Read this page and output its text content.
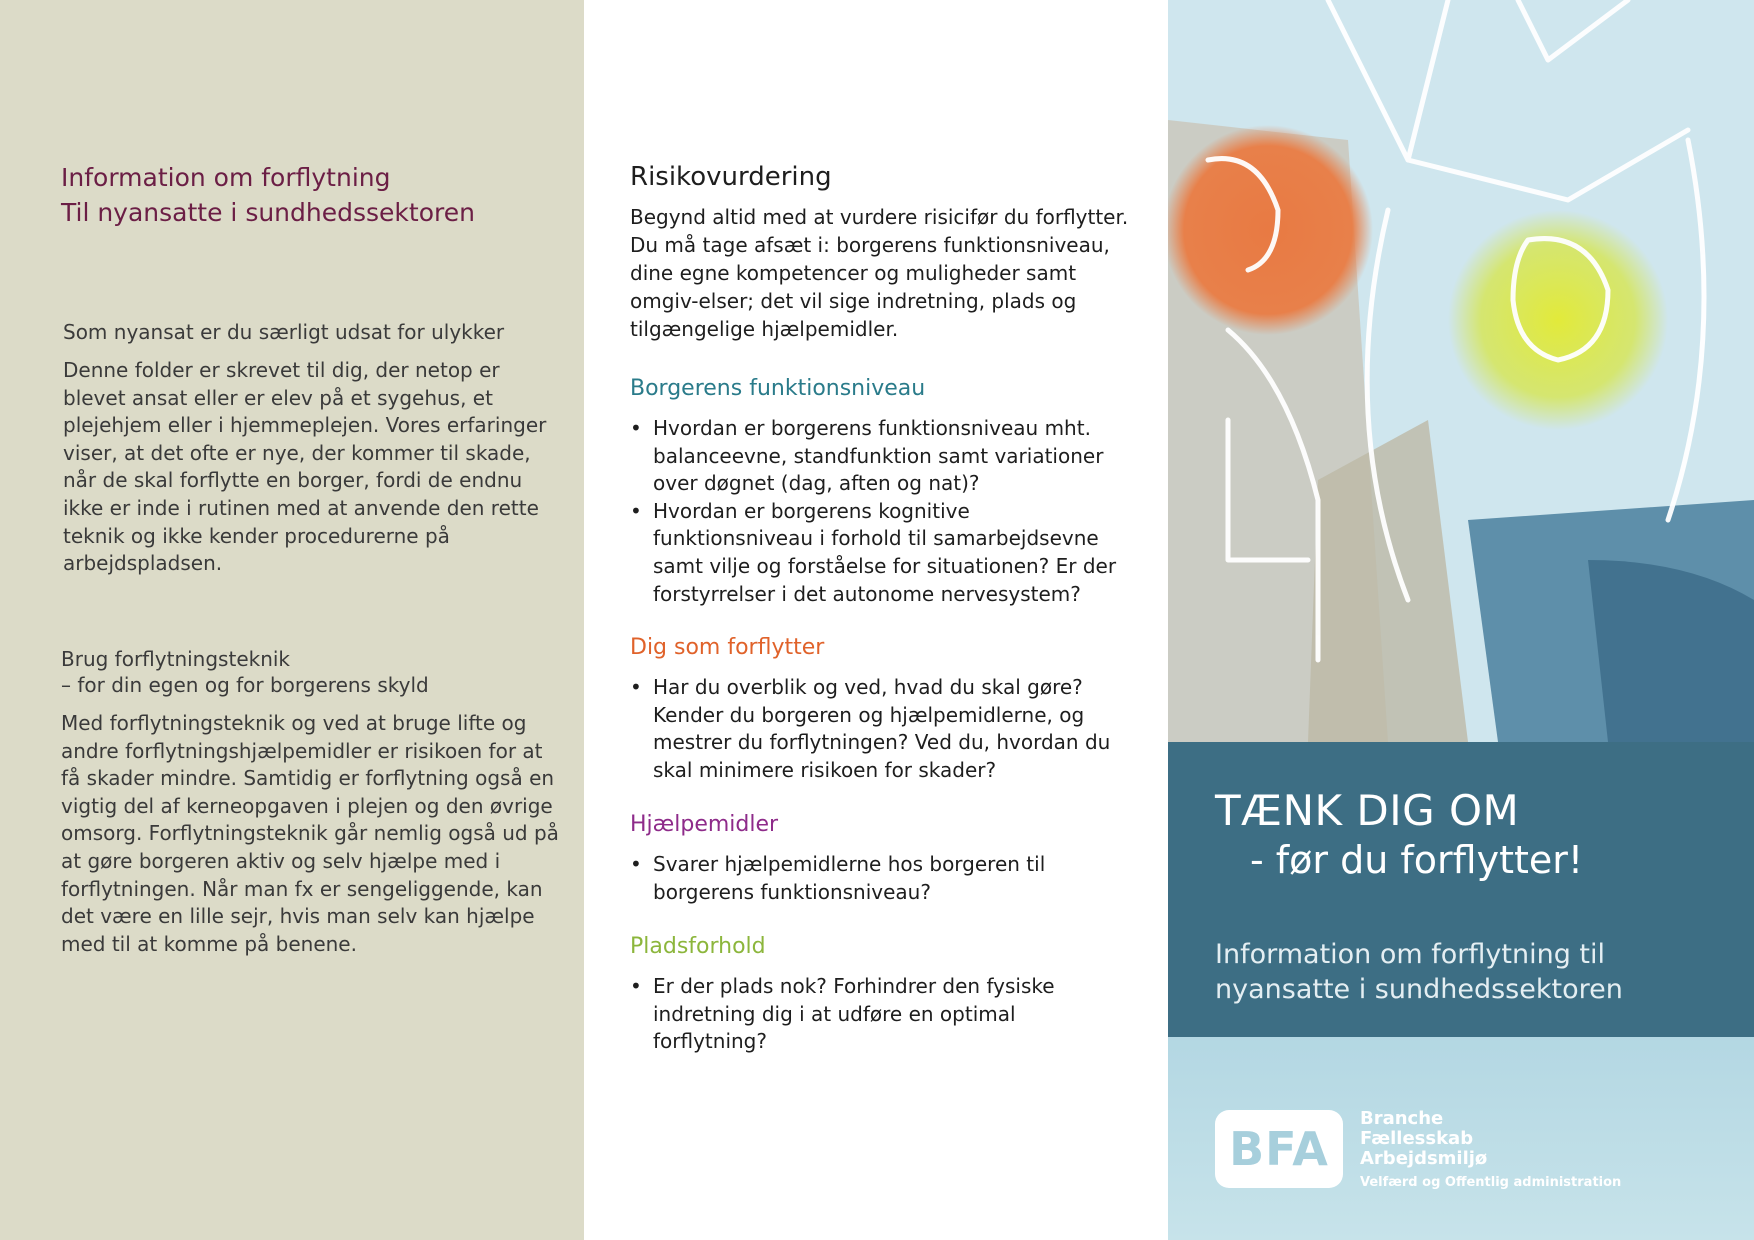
Information om forflytning
Til nyansatte i sundhedssektoren
Som nyansat er du særligt udsat for ulykker
Denne folder er skrevet til dig, der netop er blevet ansat eller er elev på et sygehus, et plejehjem eller i hjemmeplejen. Vores erfaringer viser, at det ofte er nye, der kommer til skade, når de skal forflytte en borger, fordi de endnu ikke er inde i rutinen med at anvende den rette teknik og ikke kender procedurerne på arbejdspladsen.
Brug forflytningsteknik
– for din egen og for borgerens skyld
Med forflytningsteknik og ved at bruge lifte og andre forflytningshjælpemidler er risikoen for at få skader mindre. Samtidig er forflytning også en vigtig del af kerneopgaven i plejen og den øvrige omsorg. Forflytningsteknik går nemlig også ud på at gøre borgeren aktiv og selv hjælpe med i forflytningen. Når man fx er sengeliggende, kan det være en lille sejr, hvis man selv kan hjælpe med til at komme på benene.
Risikovurdering
Begynd altid med at vurdere risicifør du forflytter. Du må tage afsæt i: borgerens funktionsniveau, dine egne kompetencer og muligheder samt omgiv-elser; det vil sige indretning, plads og tilgængelige hjælpemidler.
Borgerens funktionsniveau
• Hvordan er borgerens funktionsniveau mht. balanceevne, standfunktion samt variationer over døgnet (dag, aften og nat)?
• Hvordan er borgerens kognitive funktionsniveau i forhold til samarbejdsevne samt vilje og forståelse for situationen? Er der forstyrrelser i det autonome nervesystem?
Dig som forflytter
• Har du overblik og ved, hvad du skal gøre? Kender du borgeren og hjælpemidlerne, og mestrer du forflytningen? Ved du, hvordan du skal minimere risikoen for skader?
Hjælpemidler
• Svarer hjælpemidlerne hos borgeren til borgerens funktionsniveau?
Pladsforhold
• Er der plads nok? Forhindrer den fysiske indretning dig i at udføre en optimal forflytning?
TÆNK DIG OM
- før du forflytter!
Information om forflytning til nyansatte i sundhedssektoren
BFA
Branche
Fællesskab
Arbejdsmiljø
Velfærd og Offentlig administration
